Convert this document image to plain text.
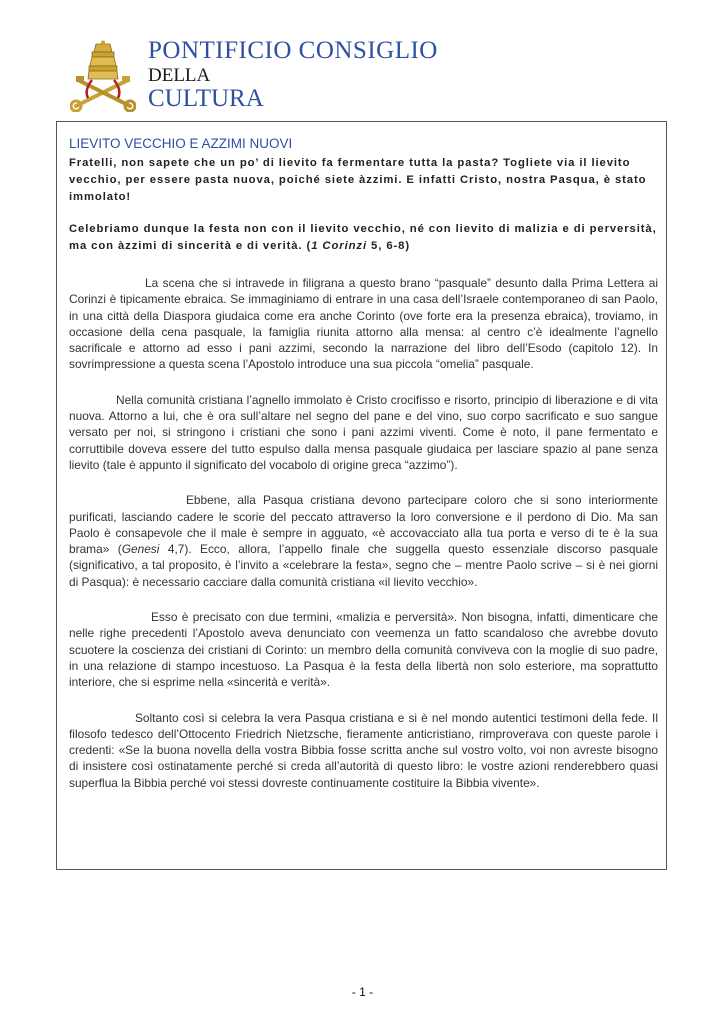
PONTIFICIO CONSIGLIO
DELLA
CULTURA
LIEVITO VECCHIO E AZZIMI NUOVI

Fratelli, non sapete che un po’ di lievito fa fermentare tutta la pasta? Togliete via il lievito vecchio, per essere pasta nuova, poiché siete àzzimi. E infatti Cristo, nostra Pasqua, è stato immolato!

Celebriamo dunque la festa non con il lievito vecchio, né con lievito di malizia e di perversità, ma con àzzimi di sincerità e di verità. (1 Corinzi 5, 6-8)

La scena che si intravede in filigrana a questo brano “pasquale” desunto dalla Prima Lettera ai Corinzi è tipicamente ebraica. Se immaginiamo di entrare in una casa dell’Israele contemporaneo di san Paolo, in una città della Diaspora giudaica come era anche Corinto (ove forte era la presenza ebraica), troviamo, in occasione della cena pasquale, la famiglia riunita attorno alla mensa: al centro c’è idealmente l’agnello sacrificale e attorno ad esso i pani azzimi, secondo la narrazione del libro dell’Esodo (capitolo 12). In sovrimpressione a questa scena l’Apostolo introduce una sua piccola “omelia” pasquale.

Nella comunità cristiana l’agnello immolato è Cristo crocifisso e risorto, principio di liberazione e di vita nuova. Attorno a lui, che è ora sull’altare nel segno del pane e del vino, suo corpo sacrificato e suo sangue versato per noi, si stringono i cristiani che sono i pani azzimi viventi. Come è noto, il pane fermentato e corruttibile doveva essere del tutto espulso dalla mensa pasquale giudaica per lasciare spazio al pane senza lievito (tale è appunto il significato del vocabolo di origine greca “azzimo”).

Ebbene, alla Pasqua cristiana devono partecipare coloro che si sono interiormente purificati, lasciando cadere le scorie del peccato attraverso la loro conversione e il perdono di Dio. Ma san Paolo è consapevole che il male è sempre in agguato, «è accovacciato alla tua porta e verso di te è la sua brama» (Genesi 4,7). Ecco, allora, l’appello finale che suggella questo essenziale discorso pasquale (significativo, a tal proposito, è l’invito a «celebrare la festa», segno che – mentre Paolo scrive – si è nei giorni di Pasqua): è necessario cacciare dalla comunità cristiana «il lievito vecchio».

Esso è precisato con due termini, «malizia e perversità». Non bisogna, infatti, dimenticare che nelle righe precedenti l’Apostolo aveva denunciato con veemenza un fatto scandaloso che avrebbe dovuto scuotere la coscienza dei cristiani di Corinto: un membro della comunità conviveva con la moglie di suo padre, in una relazione di stampo incestuoso. La Pasqua è la festa della libertà non solo esteriore, ma soprattutto interiore, che si esprime nella «sincerità e verità».

Soltanto così si celebra la vera Pasqua cristiana e si è nel mondo autentici testimoni della fede. Il filosofo tedesco dell’Ottocento Friedrich Nietzsche, fieramente anticristiano, rimproverava con queste parole i credenti: «Se la buona novella della vostra Bibbia fosse scritta anche sul vostro volto, voi non avreste bisogno di insistere così ostinatamente perché si creda all’autorità di questo libro: le vostre azioni renderebbero quasi superflua la Bibbia perché voi stessi dovreste continuamente costituire la Bibbia vivente».

- 1 -
